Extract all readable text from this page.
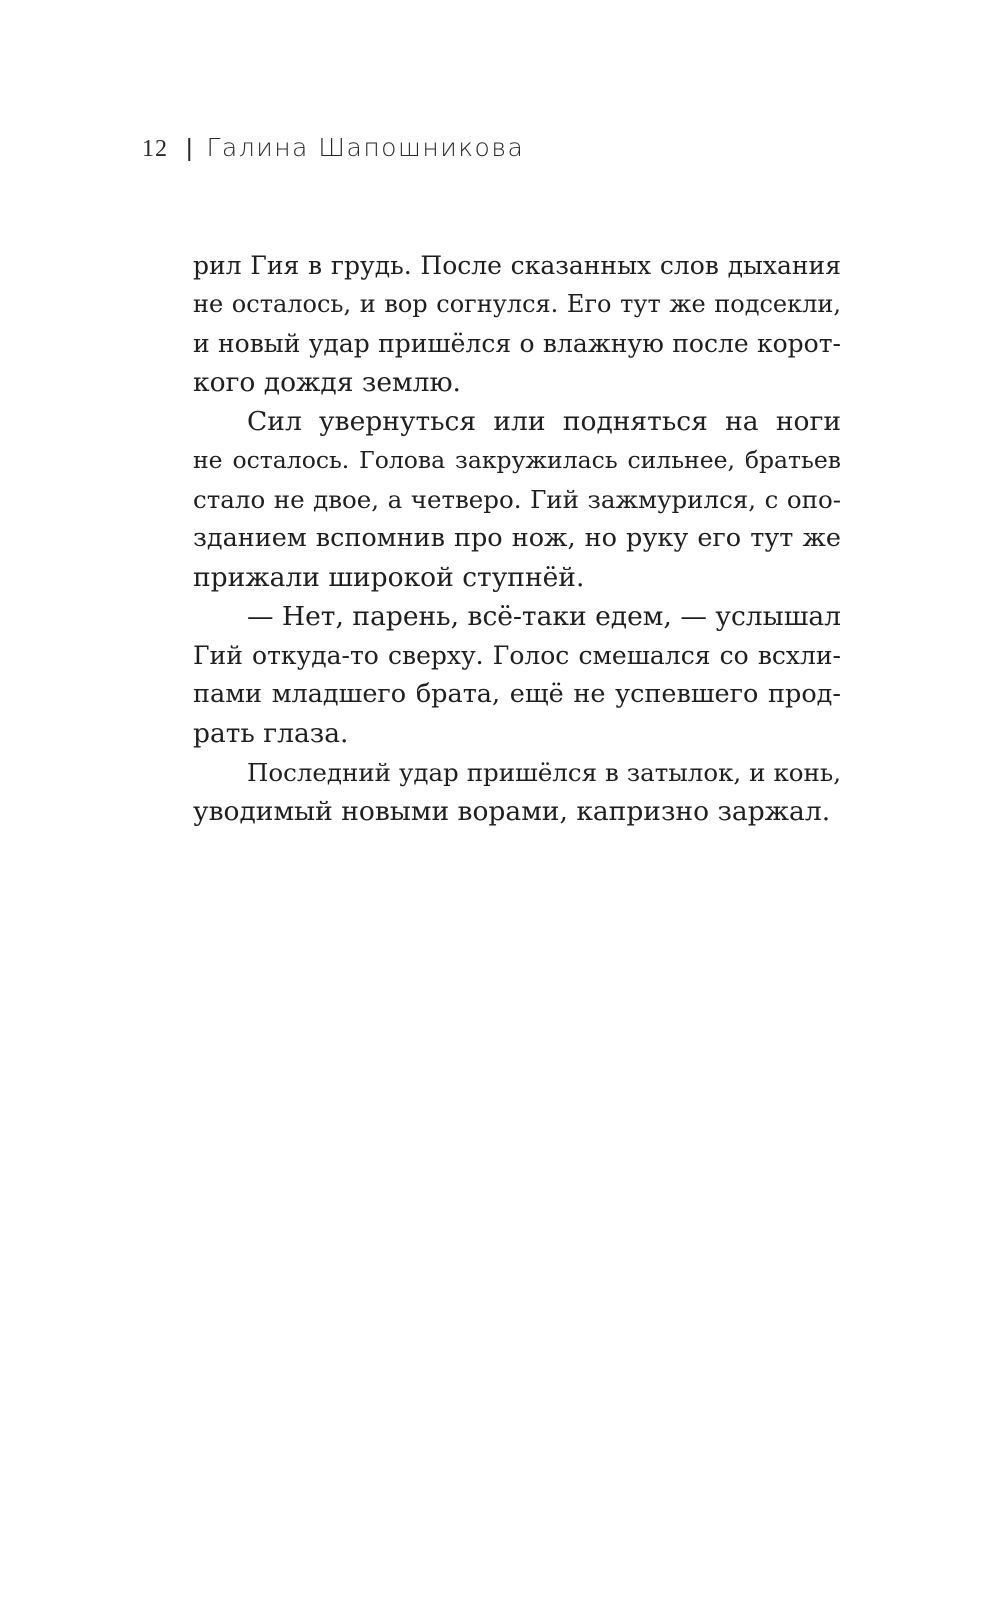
12 | Галина Шапошникова
рил Гия в грудь. После сказанных слов дыхания
не осталось, и вор согнулся. Его тут же подсекли,
и новый удар пришёлся о влажную после корот-
кого дождя землю.
Сил увернуться или подняться на ноги
не осталось. Голова закружилась сильнее, братьев
стало не двое, а четверо. Гий зажмурился, с опо-
зданием вспомнив про нож, но руку его тут же
прижали широкой ступнёй.
— Нет, парень, всё-таки едем, — услышал
Гий откуда-то сверху. Голос смешался со всхли-
пами младшего брата, ещё не успевшего прод-
рать глаза.
Последний удар пришёлся в затылок, и конь,
уводимый новыми ворами, капризно заржал.
